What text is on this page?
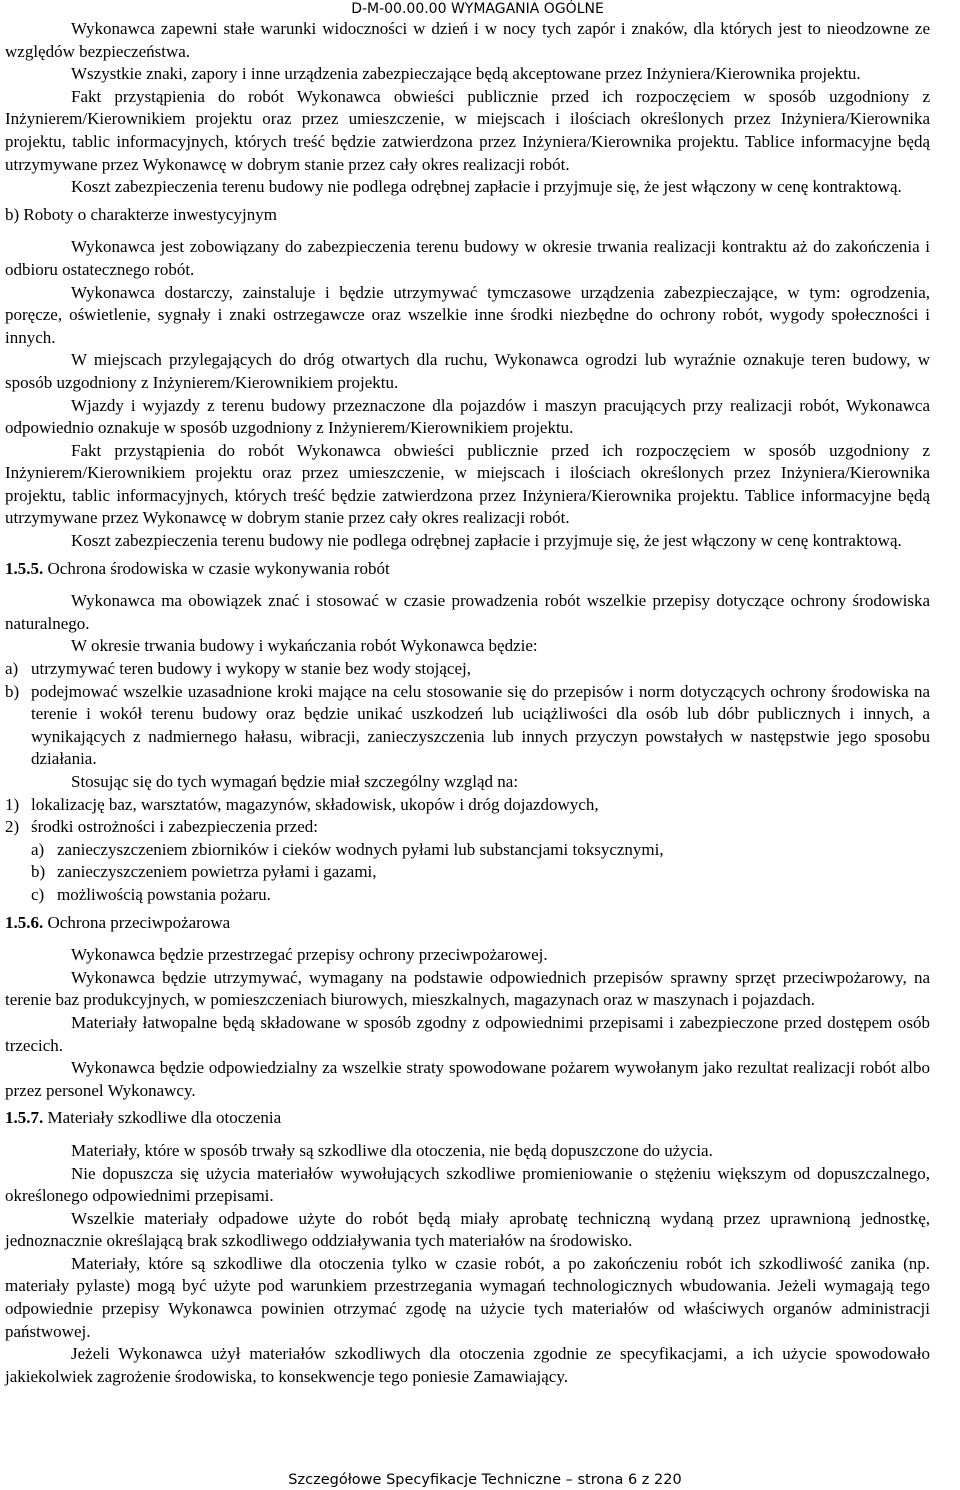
D-M-00.00.00 WYMAGANIA OGÓLNE

Wykonawca zapewni stałe warunki widoczności w dzień i w nocy tych zapór i znaków, dla których jest to nieodzowne ze względów bezpieczeństwa.

Wszystkie znaki, zapory i inne urządzenia zabezpieczające będą akceptowane przez Inżyniera/Kierownika projektu.

Fakt przystąpienia do robót Wykonawca obwieści publicznie przed ich rozpoczęciem w sposób uzgodniony z Inżynierem/Kierownikiem projektu oraz przez umieszczenie, w miejscach i ilościach określonych przez Inżyniera/Kierownika projektu, tablic informacyjnych, których treść będzie zatwierdzona przez Inżyniera/Kierownika projektu. Tablice informacyjne będą utrzymywane przez Wykonawcę w dobrym stanie przez cały okres realizacji robót.

Koszt zabezpieczenia terenu budowy nie podlega odrębnej zapłacie i przyjmuje się, że jest włączony w cenę kontraktową.

b) Roboty o charakterze inwestycyjnym

Wykonawca jest zobowiązany do zabezpieczenia terenu budowy w okresie trwania realizacji kontraktu aż do zakończenia i odbioru ostatecznego robót.

Wykonawca dostarczy, zainstaluje i będzie utrzymywać tymczasowe urządzenia zabezpieczające, w tym: ogrodzenia, poręcze, oświetlenie, sygnały i znaki ostrzegawcze oraz wszelkie inne środki niezbędne do ochrony robót, wygody społeczności i innych.

W miejscach przylegających do dróg otwartych dla ruchu, Wykonawca ogrodzi lub wyraźnie oznakuje teren budowy, w sposób uzgodniony z Inżynierem/Kierownikiem projektu.

Wjazdy i wyjazdy z terenu budowy przeznaczone dla pojazdów i maszyn pracujących przy realizacji robót, Wykonawca odpowiednio oznakuje w sposób uzgodniony z Inżynierem/Kierownikiem projektu.

Fakt przystąpienia do robót Wykonawca obwieści publicznie przed ich rozpoczęciem w sposób uzgodniony z Inżynierem/Kierownikiem projektu oraz przez umieszczenie, w miejscach i ilościach określonych przez Inżyniera/Kierownika projektu, tablic informacyjnych, których treść będzie zatwierdzona przez Inżyniera/Kierownika projektu. Tablice informacyjne będą utrzymywane przez Wykonawcę w dobrym stanie przez cały okres realizacji robót.

Koszt zabezpieczenia terenu budowy nie podlega odrębnej zapłacie i przyjmuje się, że jest włączony w cenę kontraktową.

1.5.5. Ochrona środowiska w czasie wykonywania robót

Wykonawca ma obowiązek znać i stosować w czasie prowadzenia robót wszelkie przepisy dotyczące ochrony środowiska naturalnego.

W okresie trwania budowy i wykańczania robót Wykonawca będzie:

a) utrzymywać teren budowy i wykopy w stanie bez wody stojącej,
b) podejmować wszelkie uzasadnione kroki mające na celu stosowanie się do przepisów i norm dotyczących ochrony środowiska na terenie i wokół terenu budowy oraz będzie unikać uszkodzeń lub uciążliwości dla osób lub dóbr publicznych i innych, a wynikających z nadmiernego hałasu, wibracji, zanieczyszczenia lub innych przyczyn powstałych w następstwie jego sposobu działania.

Stosując się do tych wymagań będzie miał szczególny wzgląd na:

1) lokalizację baz, warsztatów, magazynów, składowisk, ukopów i dróg dojazdowych,
2) środki ostrożności i zabezpieczenia przed:
a) zanieczyszczeniem zbiorników i cieków wodnych pyłami lub substancjami toksycznymi,
b) zanieczyszczeniem powietrza pyłami i gazami,
c) możliwością powstania pożaru.

1.5.6. Ochrona przeciwpożarowa

Wykonawca będzie przestrzegać przepisy ochrony przeciwpożarowej.

Wykonawca będzie utrzymywać, wymagany na podstawie odpowiednich przepisów sprawny sprzęt przeciwpożarowy, na terenie baz produkcyjnych, w pomieszczeniach biurowych, mieszkalnych, magazynach oraz w maszynach i pojazdach.

Materiały łatwopalne będą składowane w sposób zgodny z odpowiednimi przepisami i zabezpieczone przed dostępem osób trzecich.

Wykonawca będzie odpowiedzialny za wszelkie straty spowodowane pożarem wywołanym jako rezultat realizacji robót albo przez personel Wykonawcy.

1.5.7. Materiały szkodliwe dla otoczenia

Materiały, które w sposób trwały są szkodliwe dla otoczenia, nie będą dopuszczone do użycia.

Nie dopuszcza się użycia materiałów wywołujących szkodliwe promieniowanie o stężeniu większym od dopuszczalnego, określonego odpowiednimi przepisami.

Wszelkie materiały odpadowe użyte do robót będą miały aprobatę techniczną wydaną przez uprawnioną jednostkę, jednoznacznie określającą brak szkodliwego oddziaływania tych materiałów na środowisko.

Materiały, które są szkodliwe dla otoczenia tylko w czasie robót, a po zakończeniu robót ich szkodliwość zanika (np. materiały pylaste) mogą być użyte pod warunkiem przestrzegania wymagań technologicznych wbudowania. Jeżeli wymagają tego odpowiednie przepisy Wykonawca powinien otrzymać zgodę na użycie tych materiałów od właściwych organów administracji państwowej.

Jeżeli Wykonawca użył materiałów szkodliwych dla otoczenia zgodnie ze specyfikacjami, a ich użycie spowodowało jakiekolwiek zagrożenie środowiska, to konsekwencje tego poniesie Zamawiający.

Szczegółowe Specyfikacje Techniczne – strona 6 z 220
